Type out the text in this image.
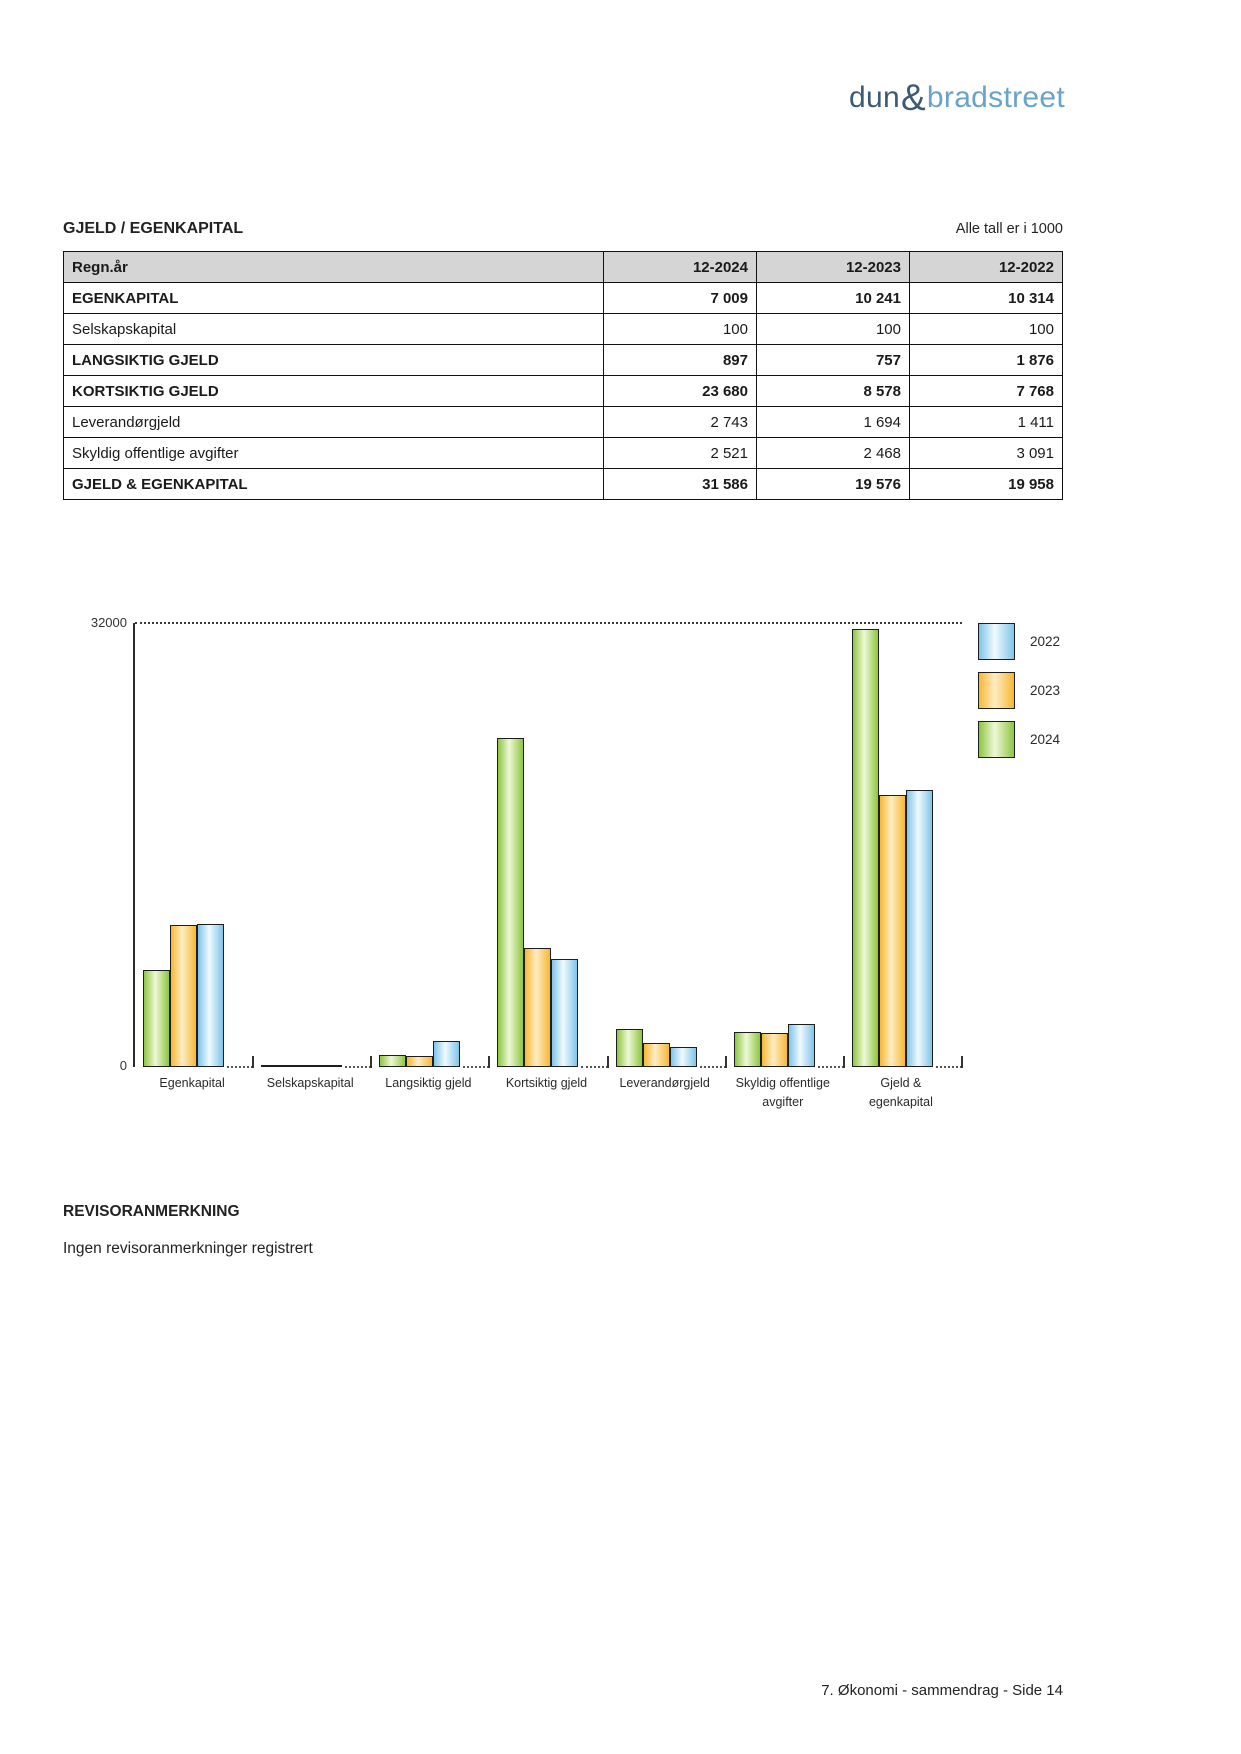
dun&bradstreet
GJELD / EGENKAPITAL	Alle tall er i 1000
Regn.år	12-2024	12-2023	12-2022
EGENKAPITAL	7 009	10 241	10 314
Selskapskapital	100	100	100
LANGSIKTIG GJELD	897	757	1 876
KORTSIKTIG GJELD	23 680	8 578	7 768
Leverandørgjeld	2 743	1 694	1 411
Skyldig offentlige avgifter	2 521	2 468	3 091
GJELD & EGENKAPITAL	31 586	19 576	19 958
32000
0
Egenkapital	Selskapskapital	Langsiktig gjeld	Kortsiktig gjeld	Leverandørgjeld	Skyldig offentlige avgifter
Gjeld & egenkapital
2022
2023
2024
REVISORANMERKNING
Ingen revisoranmerkninger registrert
7. Økonomi - sammendrag - Side 14
